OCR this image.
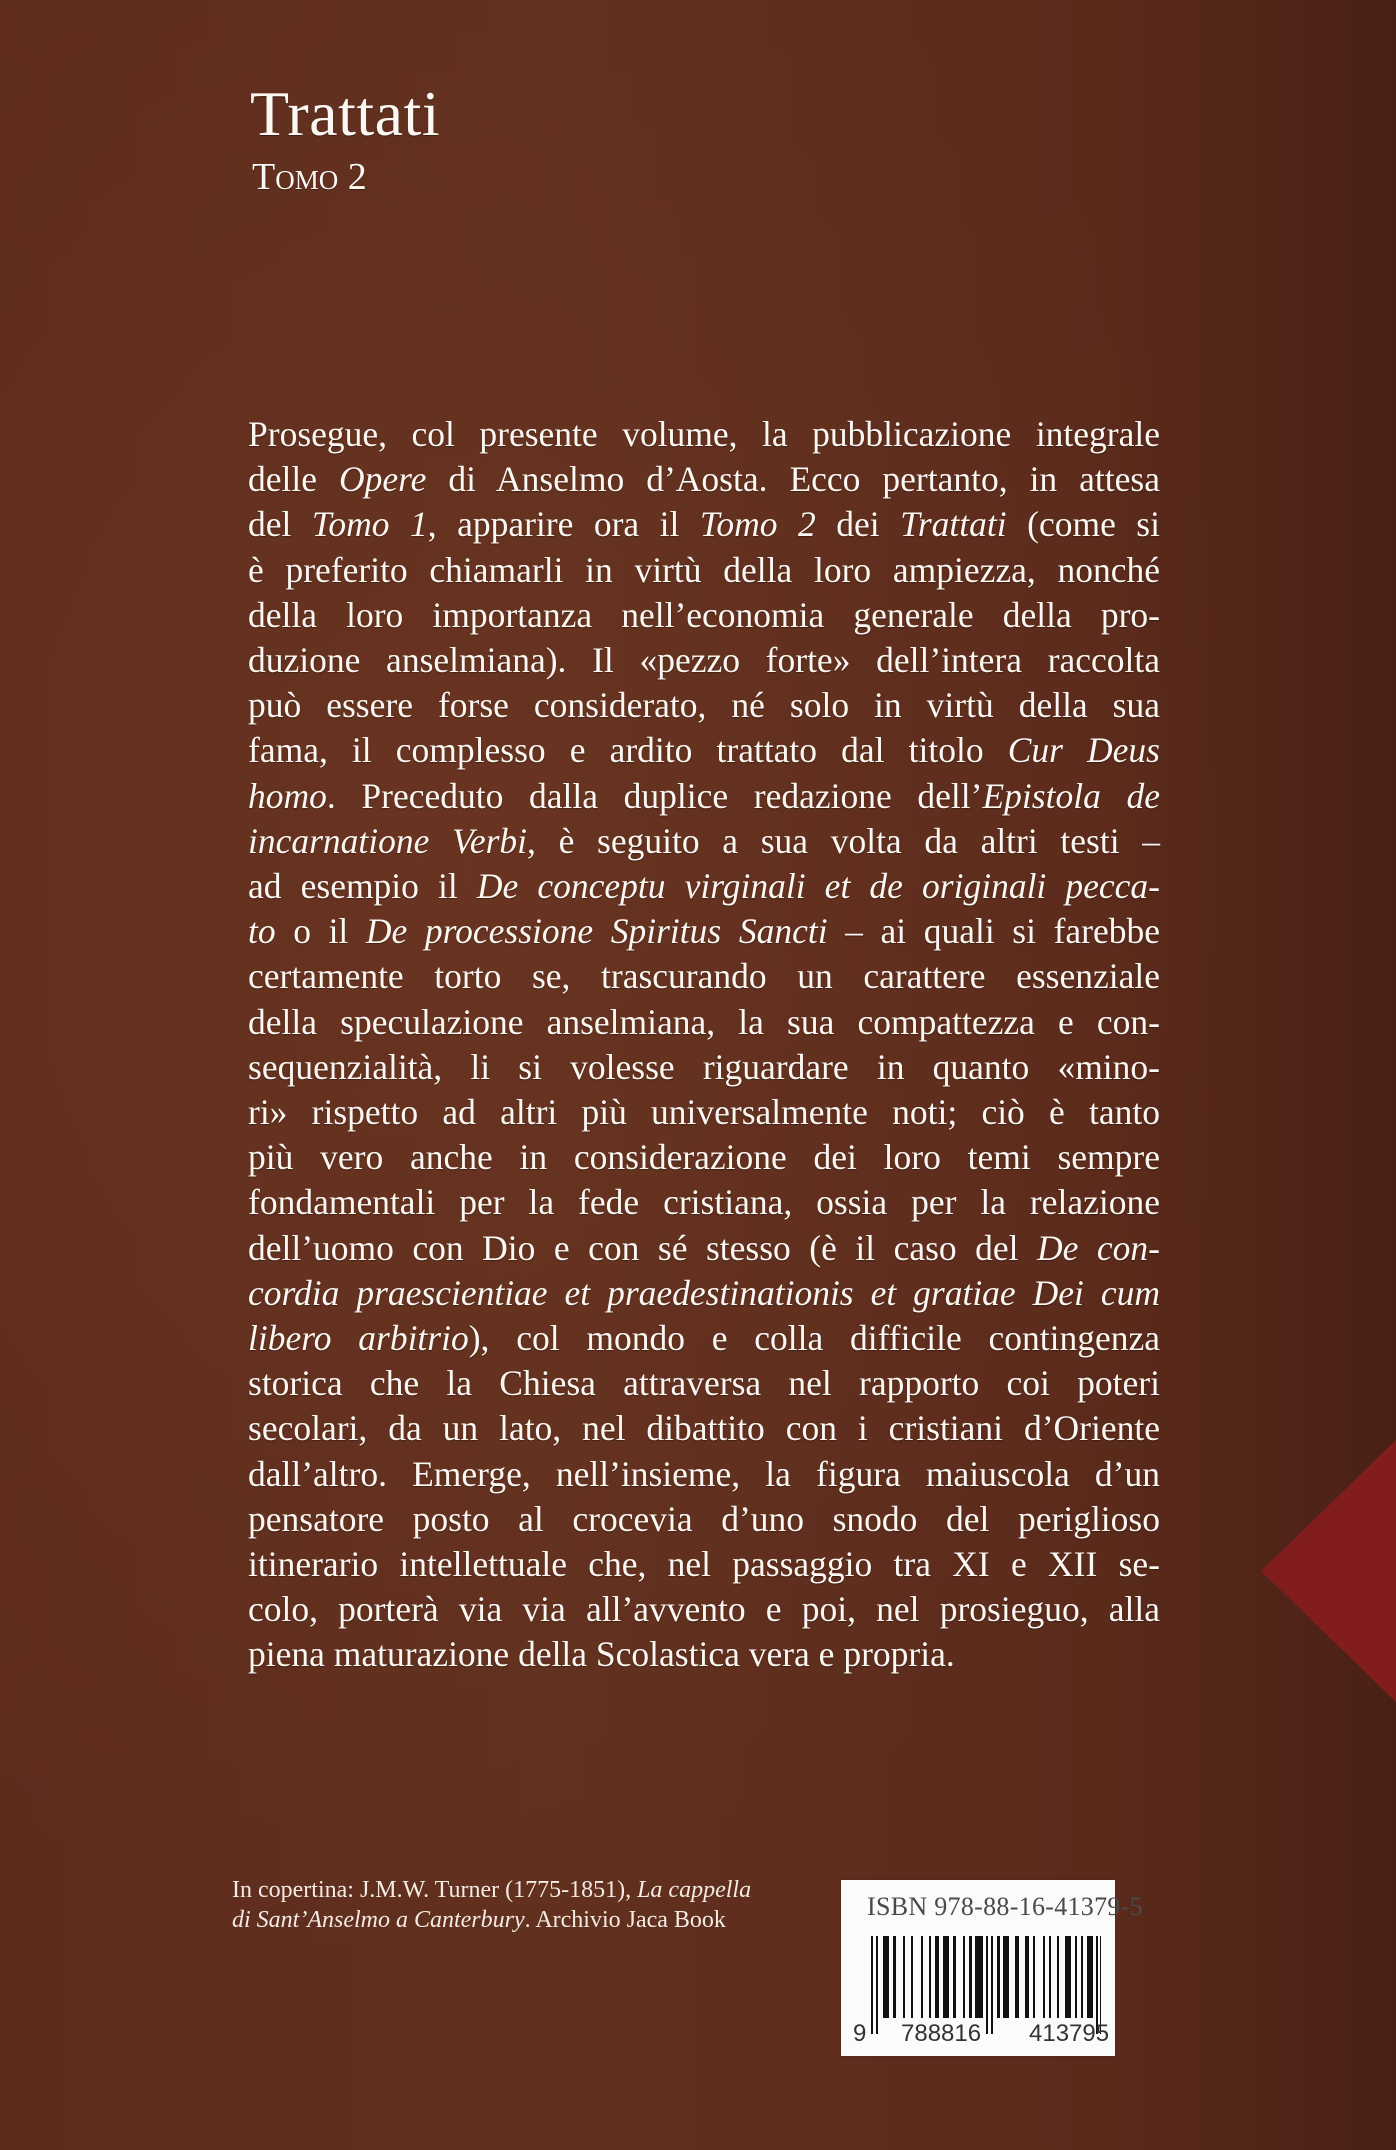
Trattati
Tomo 2
Prosegue, col presente volume, la pubblicazione integrale
delle Opere di Anselmo d’Aosta. Ecco pertanto, in attesa
del Tomo 1, apparire ora il Tomo 2 dei Trattati (come si
è preferito chiamarli in virtù della loro ampiezza, nonché
della loro importanza nell’economia generale della pro-
duzione anselmiana). Il «pezzo forte» dell’intera raccolta
può essere forse considerato, né solo in virtù della sua
fama, il complesso e ardito trattato dal titolo Cur Deus
homo. Preceduto dalla duplice redazione dell’Epistola de
incarnatione Verbi, è seguito a sua volta da altri testi –
ad esempio il De conceptu virginali et de originali pecca-
to o il De processione Spiritus Sancti – ai quali si farebbe
certamente torto se, trascurando un carattere essenziale
della speculazione anselmiana, la sua compattezza e con-
sequenzialità, li si volesse riguardare in quanto «mino-
ri» rispetto ad altri più universalmente noti; ciò è tanto
più vero anche in considerazione dei loro temi sempre
fondamentali per la fede cristiana, ossia per la relazione
dell’uomo con Dio e con sé stesso (è il caso del De con-
cordia praescientiae et praedestinationis et gratiae Dei cum
libero arbitrio), col mondo e colla difficile contingenza
storica che la Chiesa attraversa nel rapporto coi poteri
secolari, da un lato, nel dibattito con i cristiani d’Oriente
dall’altro. Emerge, nell’insieme, la figura maiuscola d’un
pensatore posto al crocevia d’uno snodo del periglioso
itinerario intellettuale che, nel passaggio tra XI e XII se-
colo, porterà via via all’avvento e poi, nel prosieguo, alla
piena maturazione della Scolastica vera e propria.
In copertina: J.M.W. Turner (1775-1851), La cappella
di Sant’Anselmo a Canterbury. Archivio Jaca Book	ISBN 978-88-16-41379-5
9 788816 413795
